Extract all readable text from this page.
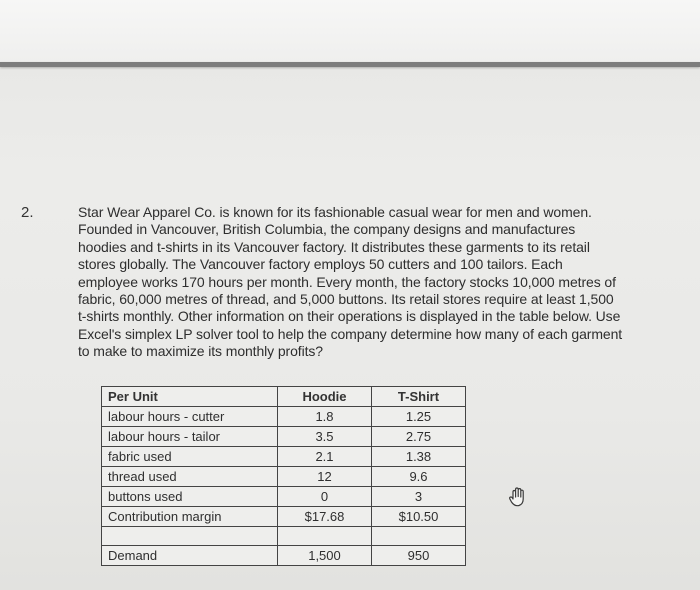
2.	Star Wear Apparel Co. is known for its fashionable casual wear for men and women.
Founded in Vancouver, British Columbia, the company designs and manufactures
hoodies and t-shirts in its Vancouver factory. It distributes these garments to its retail
stores globally. The Vancouver factory employs 50 cutters and 100 tailors. Each
employee works 170 hours per month. Every month, the factory stocks 10,000 metres of
fabric, 60,000 metres of thread, and 5,000 buttons. Its retail stores require at least 1,500
t-shirts monthly. Other information on their operations is displayed in the table below. Use
Excel's simplex LP solver tool to help the company determine how many of each garment
to make to maximize its monthly profits?
Per Unit	Hoodie	T-Shirt
labour hours - cutter	1.8	1.25
labour hours - tailor	3.5	2.75
fabric used	2.1	1.38
thread used	12	9.6
buttons used	0	3
Contribution margin	$17.68	$10.50

Demand	1,500	950
